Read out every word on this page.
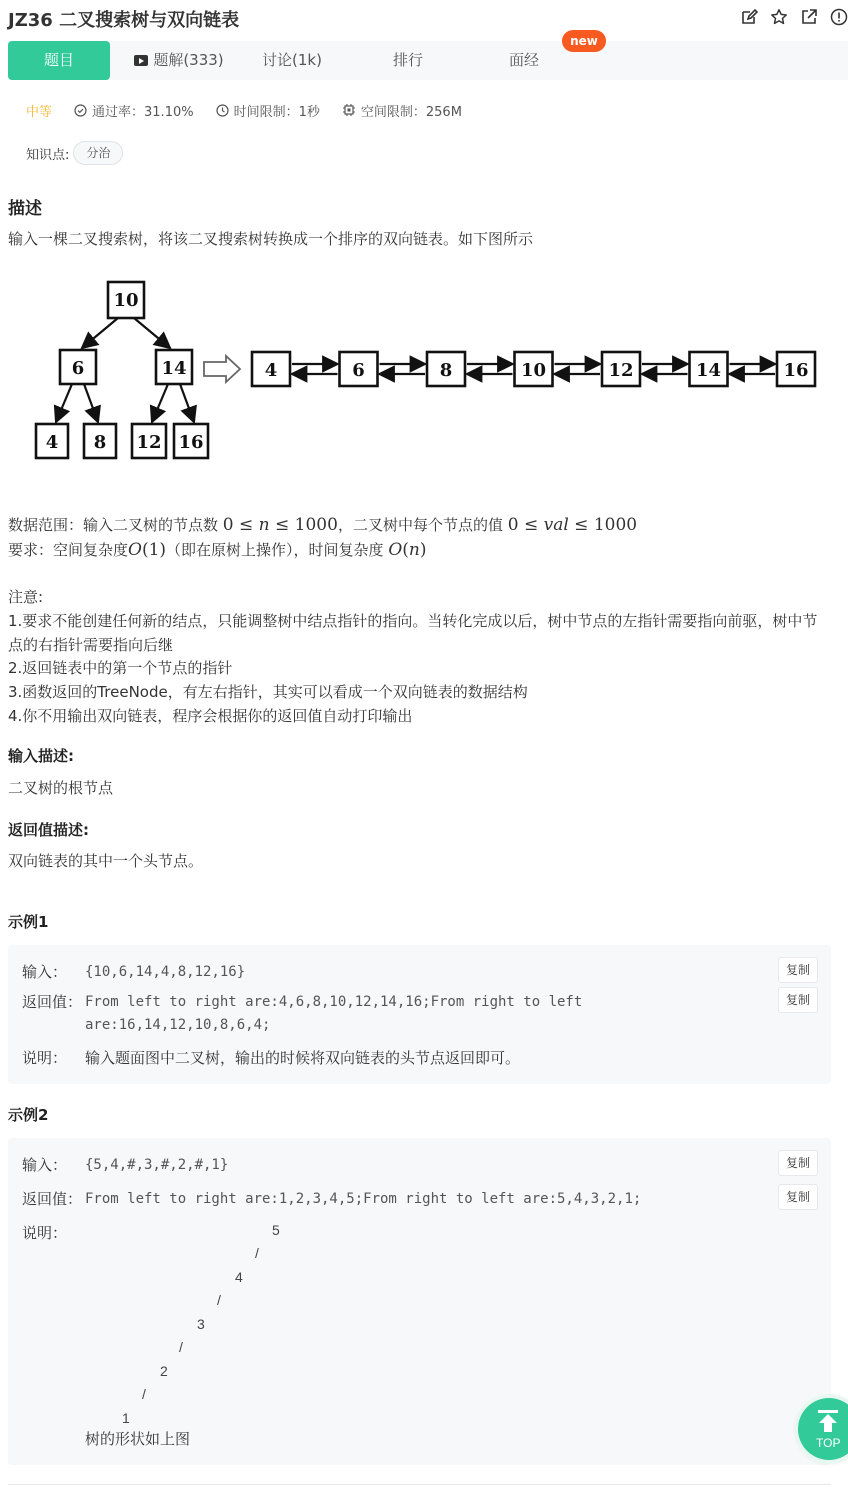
JZ36 二叉搜索树与双向链表
题目	题解(333)	讨论(1k)	排行	面经
new
中等	通过率：31.10%	时间限制：1秒	空间限制：256M
知识点:	分治
描述
输入一棵二叉搜索树，将该二叉搜索树转换成一个排序的双向链表。如下图所示
10
6	14
4 8 12 16
4	6	8	10	12	14	16
数据范围：输入二叉树的节点数 0 ≤ n ≤ 1000，二叉树中每个节点的值 0 ≤ val ≤ 1000
要求：空间复杂度O(1)（即在原树上操作），时间复杂度 O(n)
注意:
1.要求不能创建任何新的结点，只能调整树中结点指针的指向。当转化完成以后，树中节点的左指针需要指向前驱，树中节点的右指针需要指向后继
2.返回链表中的第一个节点的指针
3.函数返回的TreeNode，有左右指针，其实可以看成一个双向链表的数据结构
4.你不用输出双向链表，程序会根据你的返回值自动打印输出
输入描述:
二叉树的根节点
返回值描述:
双向链表的其中一个头节点。
示例1
输入： {10,6,14,4,8,12,16}	复制
返回值： From left to right are:4,6,8,10,12,14,16;From right to left are:16,14,12,10,8,6,4;
复制
说明： 输入题面图中二叉树，输出的时候将双向链表的头节点返回即可。
示例2
输入： {5,4,#,3,#,2,#,1}	复制
返回值： From left to right are:1,2,3,4,5;From right to left are:5,4,3,2,1;	复制
说明：	5
/
4
/
3
/
2
/
1
树的形状如上图	TOP
